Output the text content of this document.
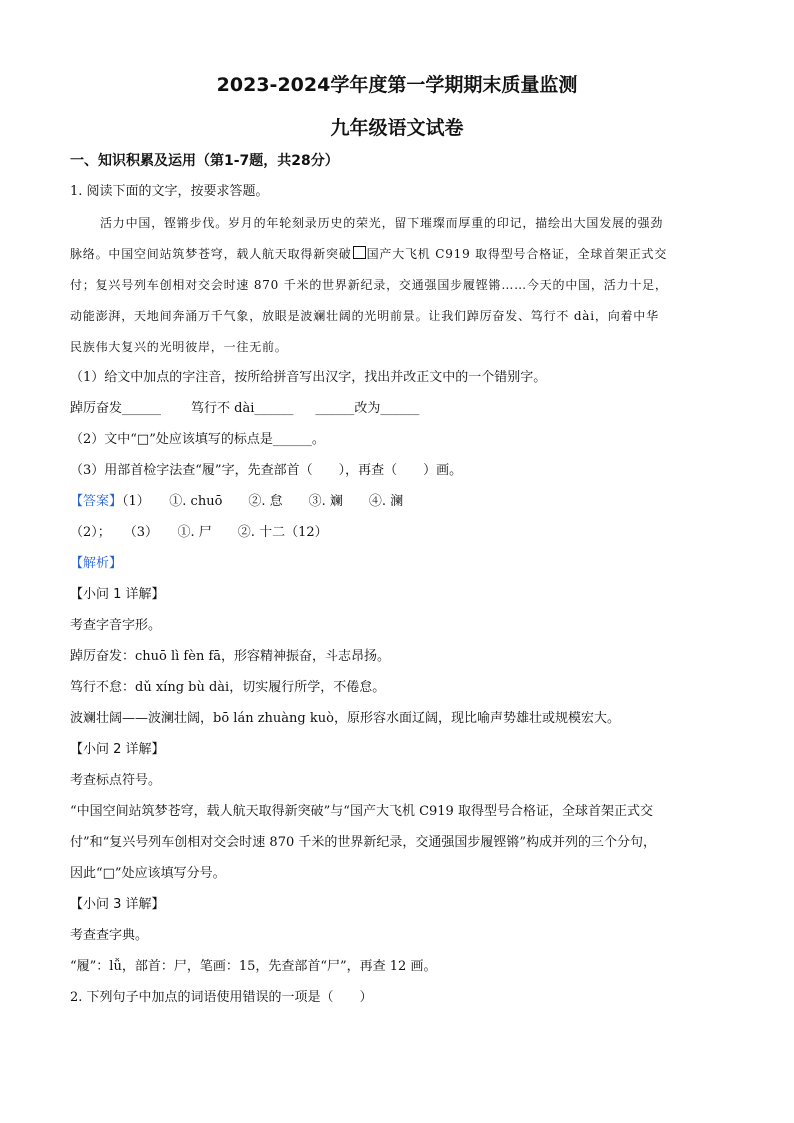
2023-2024学年度第一学期期末质量监测
九年级语文试卷
一、知识积累及运用（第1-7题，共28分）
1. 阅读下面的文字，按要求答题。
活力中国，铿锵步伐。岁月的年轮刻录历史的荣光，留下璀璨而厚重的印记，描绘出大国发展的强劲
脉络。中国空间站筑梦苍穹，载人航天取得新突破 国产大飞机 C919 取得型号合格证，全球首架正式交
付；复兴号列车创相对交会时速 870 千米的世界新纪录，交通强国步履铿锵……今天的中国，活力十足，
动能澎湃，天地间奔涌万千气象，放眼是波斓壮阔的光明前景。让我们踔厉奋发、笃行不 dài，向着中华
民族伟大复兴的光明彼岸，一往无前。
（1）给文中加点的字注音，按所给拼音写出汉字，找出并改正文中的一个错别字。
踔厉奋发______ 笃行不 dài______ ______改为______
（2）文中“□”处应该填写的标点是______。
（3）用部首检字法查“履”字，先查部首（　　），再查（　　）画。
【答案】（1）　　①. chuō　　②. 怠　　③. 斓　　④. 澜
（2）；　　（3）　　①. 尸　　②. 十二（12）
【解析】
【小问 1 详解】
考查字音字形。
踔厉奋发：chuō lì fèn fā，形容精神振奋，斗志昂扬。
笃行不怠：dǔ xíng bù dài，切实履行所学，不倦怠。
波斓壮阔——波澜壮阔，bō lán zhuàng kuò，原形容水面辽阔，现比喻声势雄壮或规模宏大。
【小问 2 详解】
考查标点符号。
“中国空间站筑梦苍穹，载人航天取得新突破”与“国产大飞机 C919 取得型号合格证，全球首架正式交
付”和“复兴号列车创相对交会时速 870 千米的世界新纪录，交通强国步履铿锵”构成并列的三个分句，
因此“□”处应该填写分号。
【小问 3 详解】
考查查字典。
“履”：lǚ，部首：尸，笔画：15，先查部首“尸”，再查 12 画。
2. 下列句子中加点的词语使用错误的一项是（　　）
